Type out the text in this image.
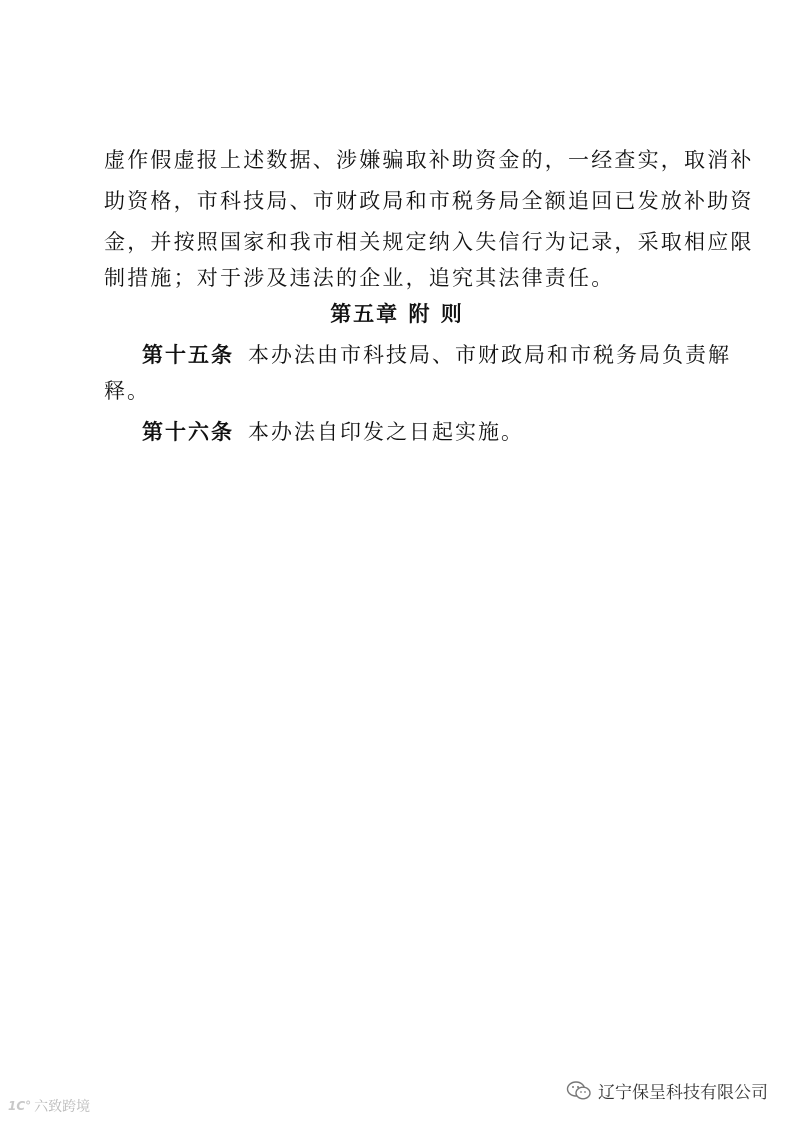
虚作假虚报上述数据、涉嫌骗取补助资金的，一经查实，取消补
助资格，市科技局、市财政局和市税务局全额追回已发放补助资
金，并按照国家和我市相关规定纳入失信行为记录，采取相应限
制措施；对于涉及违法的企业，追究其法律责任。
第五章 附 则
第十五条 本办法由市科技局、市财政局和市税务局负责解
释。
第十六条 本办法自印发之日起实施。
1C° 六致跨境
辽宁保呈科技有限公司
